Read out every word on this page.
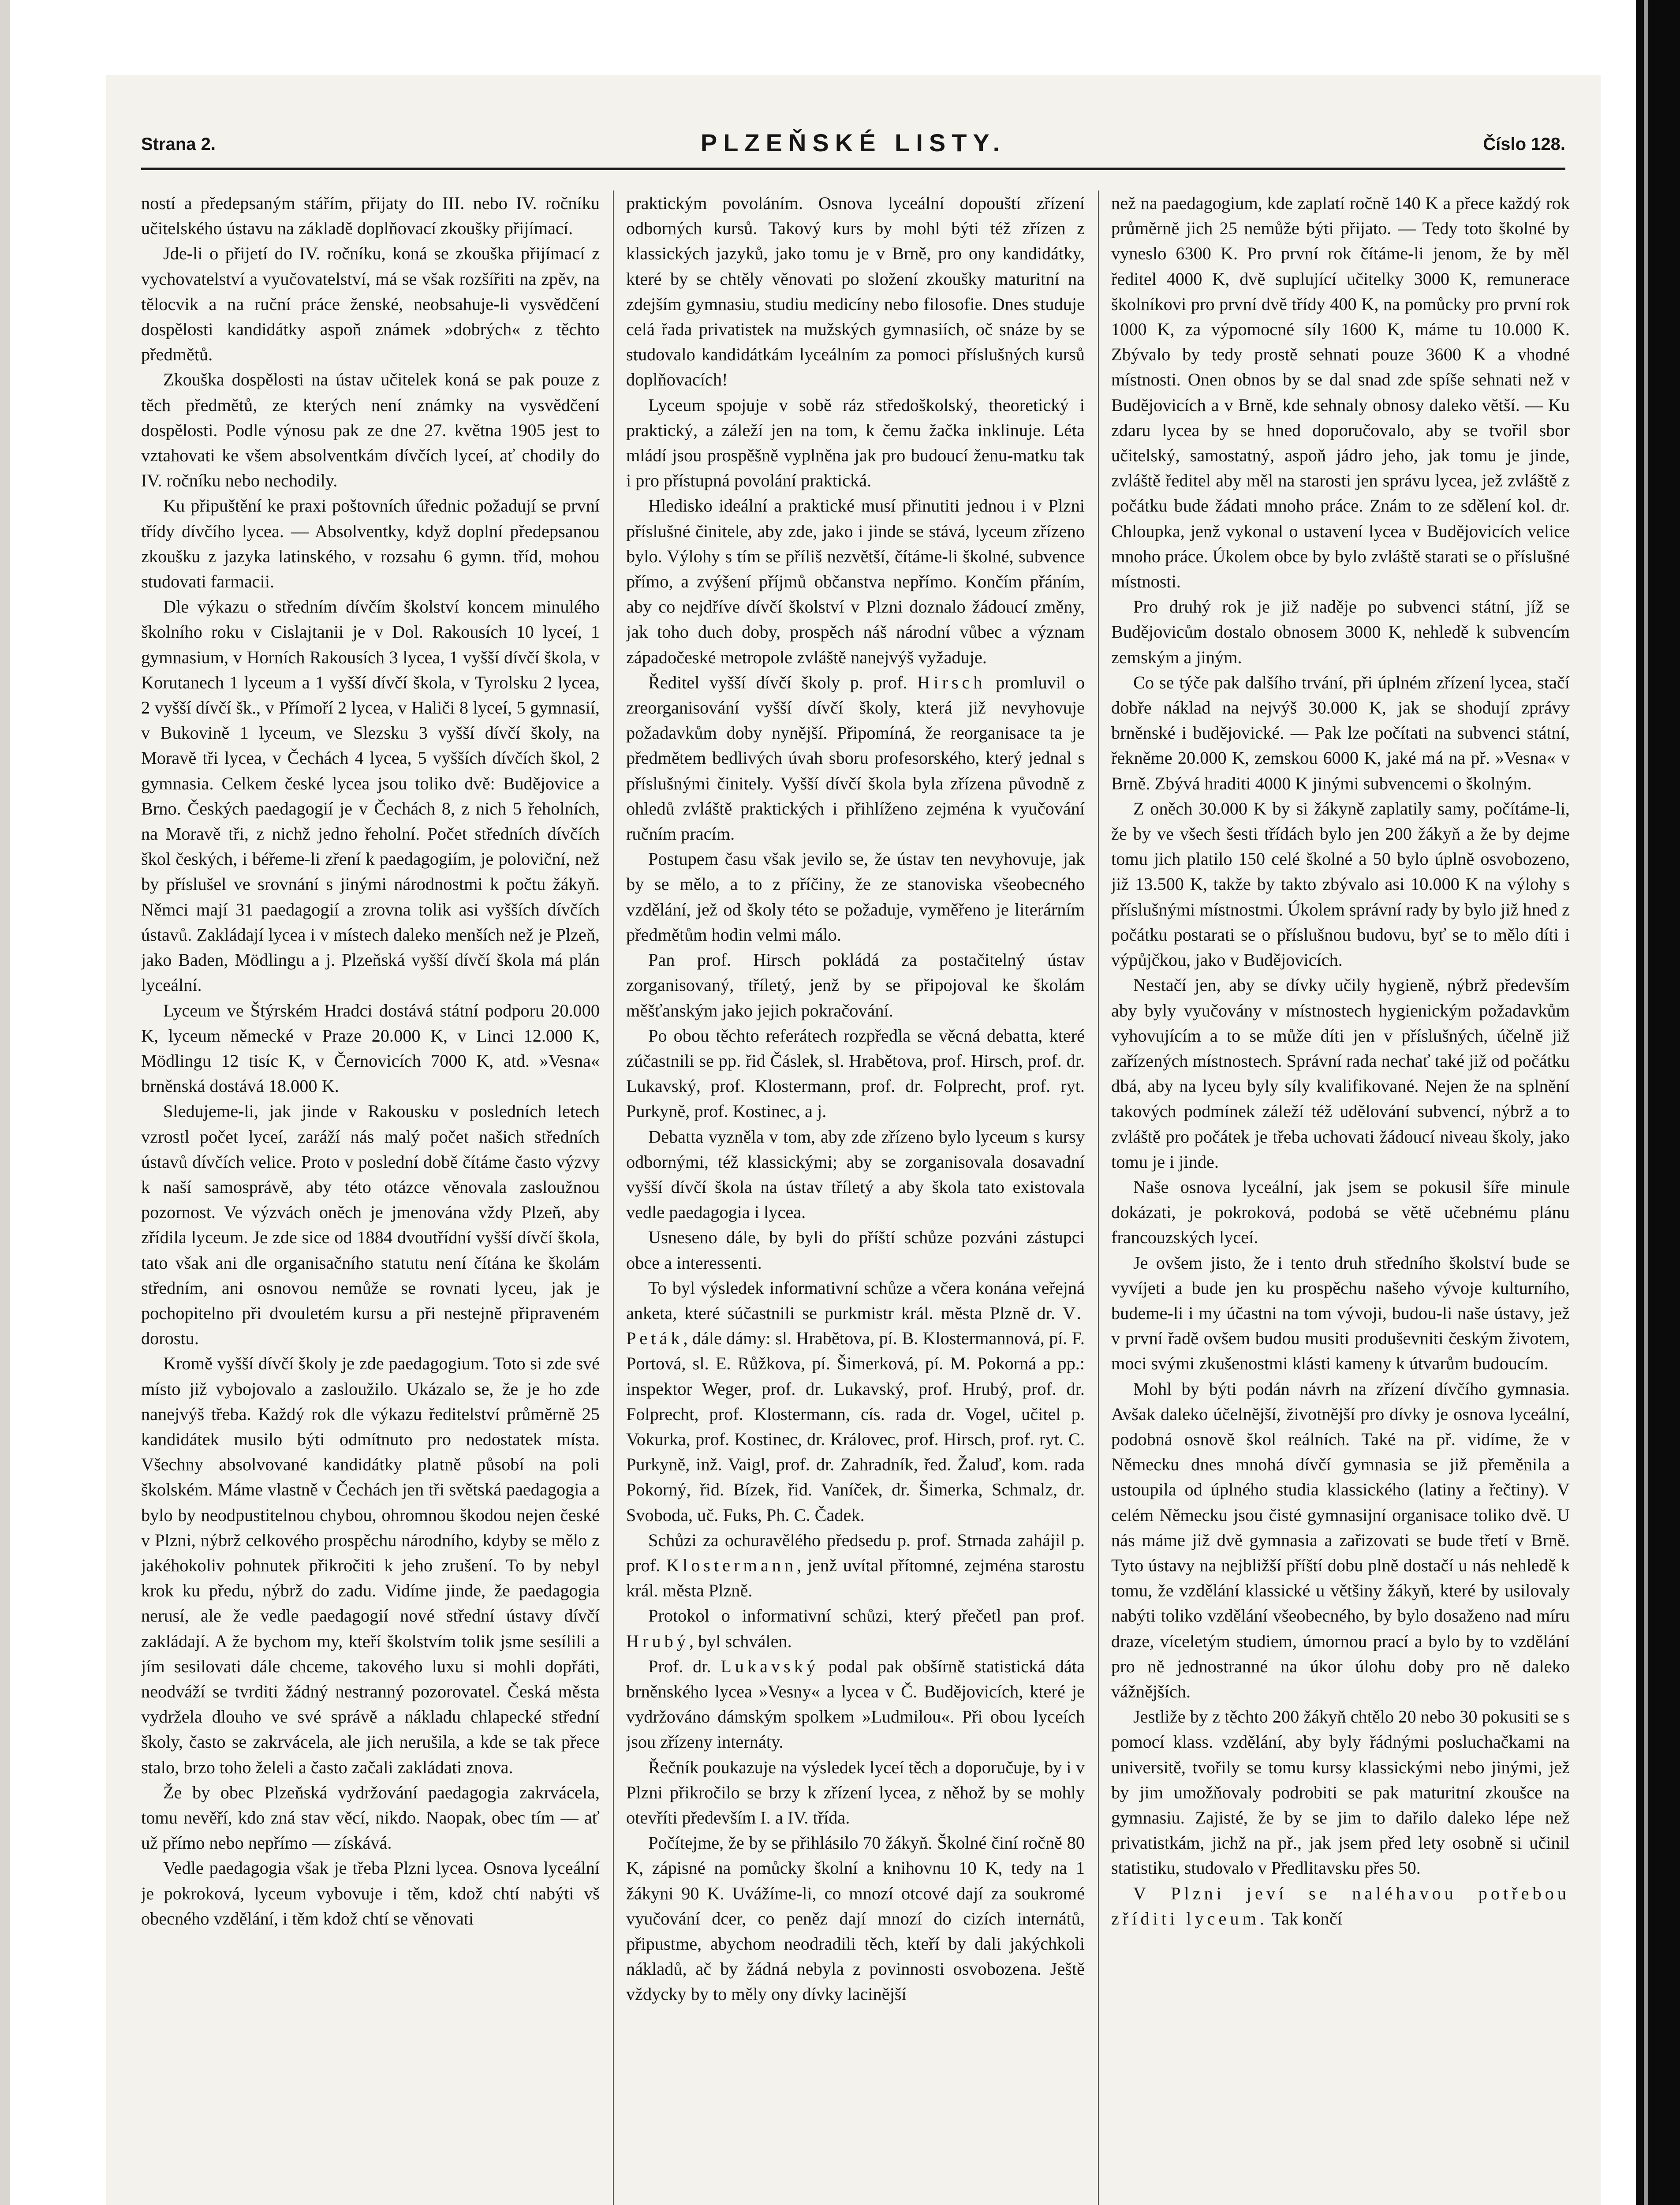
Strana 2.	PLZEŇSKÉ LISTY.	Číslo 128.

ností a předepsaným stářím, přijaty do III. nebo IV. ročníku učitelského ústavu na základě doplňovací zkoušky přijímací.

Jde-li o přijetí do IV. ročníku, koná se zkouška přijímací z vychovatelství a vyučovatelství, má se však rozšířiti na zpěv, na tělocvik a na ruční práce ženské, neobsahuje-li vysvědčení dospělosti kandidátky aspoň známek »dobrých« z těchto předmětů.

Zkouška dospělosti na ústav učitelek koná se pak pouze z těch předmětů, ze kterých není známky na vysvědčení dospělosti. Podle výnosu pak ze dne 27. května 1905 jest to vztahovati ke všem absolventkám dívčích lyceí, ať chodily do IV. ročníku nebo nechodily.

Ku připuštění ke praxi poštovních úřednic požadují se první třídy dívčího lycea. — Absolventky, když doplní předepsanou zkoušku z jazyka latinského, v rozsahu 6 gymn. tříd, mohou studovati farmacii.

Dle výkazu o středním dívčím školství koncem minulého školního roku v Cislajtanii je v Dol. Rakousích 10 lyceí, 1 gymnasium, v Horních Rakousích 3 lycea, 1 vyšší dívčí škola, v Korutanech 1 lyceum a 1 vyšší dívčí škola, v Tyrolsku 2 lycea, 2 vyšší dívčí šk., v Přímoří 2 lycea, v Haliči 8 lyceí, 5 gymnasií, v Bukovině 1 lyceum, ve Slezsku 3 vyšší dívčí školy, na Moravě tři lycea, v Čechách 4 lycea, 5 vyšších dívčích škol, 2 gymnasia. Celkem české lycea jsou toliko dvě: Budějovice a Brno. Českých paedagogií je v Čechách 8, z nich 5 řeholních, na Moravě tři, z nichž jedno řeholní. Počet středních dívčích škol českých, i béřeme-li zření k paedagogiím, je poloviční, než by příslušel ve srovnání s jinými národnostmi k počtu žákyň. Němci mají 31 paedagogií a zrovna tolik asi vyšších dívčích ústavů. Zakládají lycea i v místech daleko menších než je Plzeň, jako Baden, Mödlingu a j. Plzeňská vyšší dívčí škola má plán lyceální.

Lyceum ve Štýrském Hradci dostává státní podporu 20.000 K, lyceum německé v Praze 20.000 K, v Linci 12.000 K, Mödlingu 12 tisíc K, v Černovicích 7000 K, atd. »Vesna« brněnská dostává 18.000 K.

Sledujeme-li, jak jinde v Rakousku v posledních letech vzrostl počet lyceí, zaráží nás malý počet našich středních ústavů dívčích velice. Proto v poslední době čítáme často výzvy k naší samosprávě, aby této otázce věnovala zasloužnou pozornost. Ve výzvách oněch je jmenována vždy Plzeň, aby zřídila lyceum. Je zde sice od 1884 dvoutřídní vyšší dívčí škola, tato však ani dle organisačního statutu není čítána ke školám středním, ani osnovou nemůže se rovnati lyceu, jak je pochopitelno při dvouletém kursu a při nestejně připraveném dorostu.

Kromě vyšší dívčí školy je zde paedagogium. Toto si zde své místo již vybojovalo a zasloužilo. Ukázalo se, že je ho zde nanejvýš třeba. Každý rok dle výkazu ředitelství průměrně 25 kandidátek musilo býti odmítnuto pro nedostatek místa. Všechny absolvované kandidátky platně působí na poli školském. Máme vlastně v Čechách jen tři světská paedagogia a bylo by neodpustitelnou chybou, ohromnou škodou nejen české v Plzni, nýbrž celkového prospěchu národního, kdyby se mělo z jakéhokoliv pohnutek přikročiti k jeho zrušení. To by nebyl krok ku předu, nýbrž do zadu. Vidíme jinde, že paedagogia nerusí, ale že vedle paedagogií nové střední ústavy dívčí zakládají. A že bychom my, kteří školstvím tolik jsme sesílili a jím sesilovati dále chceme, takového luxu si mohli dopřáti, neodváží se tvrditi žádný nestranný pozorovatel. Česká města vydržela dlouho ve své správě a nákladu chlapecké střední školy, často se zakrvácela, ale jich nerušila, a kde se tak přece stalo, brzo toho želeli a často začali zakládati znova.

Že by obec Plzeňská vydržování paedagogia zakrvácela, tomu nevěří, kdo zná stav věcí, nikdo. Naopak, obec tím — ať už přímo nebo nepřímo — získává.

Vedle paedagogia však je třeba Plzni lycea. Osnova lyceální je pokroková, lyceum vybovuje i těm, kdož chtí nabýti vš obecného vzdělání, i těm kdož chtí se věnovati

praktickým povoláním. Osnova lyceální dopouští zřízení odborných kursů. Takový kurs by mohl býti též zřízen z klassických jazyků, jako tomu je v Brně, pro ony kandidátky, které by se chtěly věnovati po složení zkoušky maturitní na zdejším gymnasiu, studiu medicíny nebo filosofie. Dnes studuje celá řada privatistek na mužských gymnasiích, oč snáze by se studovalo kandidátkám lyceálním za pomoci příslušných kursů doplňovacích!

Lyceum spojuje v sobě ráz středoškolský, theoretický i praktický, a záleží jen na tom, k čemu žačka inklinuje. Léta mládí jsou prospěšně vyplněna jak pro budoucí ženu-matku tak i pro přístupná povolání praktická.

Hledisko ideální a praktické musí přinutiti jednou i v Plzni příslušné činitele, aby zde, jako i jinde se stává, lyceum zřízeno bylo. Výlohy s tím se příliš nezvětší, čítáme-li školné, subvence přímo, a zvýšení příjmů občanstva nepřímo. Končím přáním, aby co nejdříve dívčí školství v Plzni doznalo žádoucí změny, jak toho duch doby, prospěch náš národní vůbec a význam západočeské metropole zvláště nanejvýš vyžaduje.

Ředitel vyšší dívčí školy p. prof. Hirsch promluvil o zreorganisování vyšší dívčí školy, která již nevyhovuje požadavkům doby nynější. Připomíná, že reorganisace ta je předmětem bedlivých úvah sboru profesorského, který jednal s příslušnými činitely. Vyšší dívčí škola byla zřízena původně z ohledů zvláště praktických i přihlíženo zejména k vyučování ručním pracím.

Postupem času však jevilo se, že ústav ten nevyhovuje, jak by se mělo, a to z příčiny, že ze stanoviska všeobecného vzdělání, jež od školy této se požaduje, vyměřeno je literárním předmětům hodin velmi málo.

Pan prof. Hirsch pokládá za postačitelný ústav zorganisovaný, tříletý, jenž by se připojoval ke školám měšťanským jako jejich pokračování.

Po obou těchto referátech rozpředla se věcná debatta, které zúčastnili se pp. řid Čáslek, sl. Hrabětova, prof. Hirsch, prof. dr. Lukavský, prof. Klostermann, prof. dr. Folprecht, prof. ryt. Purkyně, prof. Kostinec, a j.

Debatta vyzněla v tom, aby zde zřízeno bylo lyceum s kursy odbornými, též klassickými; aby se zorganisovala dosavadní vyšší dívčí škola na ústav tříletý a aby škola tato existovala vedle paedagogia i lycea.

Usneseno dále, by byli do příští schůze pozváni zástupci obce a interessenti.

To byl výsledek informativní schůze a včera konána veřejná anketa, které súčastnili se purkmistr král. města Plzně dr. V. Peták, dále dámy: sl. Hrabětova, pí. B. Klostermannová, pí. F. Portová, sl. E. Růžkova, pí. Šimerková, pí. M. Pokorná a pp.: inspektor Weger, prof. dr. Lukavský, prof. Hrubý, prof. dr. Folprecht, prof. Klostermann, cís. rada dr. Vogel, učitel p. Vokurka, prof. Kostinec, dr. Královec, prof. Hirsch, prof. ryt. C. Purkyně, inž. Vaigl, prof. dr. Zahradník, řed. Žaluď, kom. rada Pokorný, řid. Bízek, řid. Vaníček, dr. Šimerka, Schmalz, dr. Svoboda, uč. Fuks, Ph. C. Čadek.

Schůzi za ochuravělého předsedu p. prof. Strnada zahájil p. prof. Klostermann, jenž uvítal přítomné, zejména starostu král. města Plzně.

Protokol o informativní schůzi, který přečetl pan prof. Hrubý, byl schválen.

Prof. dr. Lukavský podal pak obšírně statistická dáta brněnského lycea »Vesny« a lycea v Č. Budějovicích, které je vydržováno dámským spolkem »Ludmilou«. Při obou lyceích jsou zřízeny internáty.

Řečník poukazuje na výsledek lyceí těch a doporučuje, by i v Plzni přikročilo se brzy k zřízení lycea, z něhož by se mohly otevříti především I. a IV. třída.

Počítejme, že by se přihlásilo 70 žákyň. Školné činí ročně 80 K, zápisné na pomůcky školní a knihovnu 10 K, tedy na 1 žákyni 90 K. Uvážíme-li, co mnozí otcové dají za soukromé vyučování dcer, co peněz dají mnozí do cizích internátů, připustme, abychom neodradili těch, kteří by dali jakýchkoli nákladů, ač by žádná nebyla z povinnosti osvobozena. Ještě vždycky by to měly ony dívky lacinější

než na paedagogium, kde zaplatí ročně 140 K a přece každý rok průměrně jich 25 nemůže býti přijato. — Tedy toto školné by vyneslo 6300 K. Pro první rok čítáme-li jenom, že by měl ředitel 4000 K, dvě suplující učitelky 3000 K, remunerace školníkovi pro první dvě třídy 400 K, na pomůcky pro první rok 1000 K, za výpomocné síly 1600 K, máme tu 10.000 K. Zbývalo by tedy prostě sehnati pouze 3600 K a vhodné místnosti. Onen obnos by se dal snad zde spíše sehnati než v Budějovicích a v Brně, kde sehnaly obnosy daleko větší. — Ku zdaru lycea by se hned doporučovalo, aby se tvořil sbor učitelský, samostatný, aspoň jádro jeho, jak tomu je jinde, zvláště ředitel aby měl na starosti jen správu lycea, jež zvláště z počátku bude žádati mnoho práce. Znám to ze sdělení kol. dr. Chloupka, jenž vykonal o ustavení lycea v Budějovicích velice mnoho práce. Úkolem obce by bylo zvláště starati se o příslušné místnosti.

Pro druhý rok je již naděje po subvenci státní, jíž se Budějovicům dostalo obnosem 3000 K, nehledě k subvencím zemským a jiným.

Co se týče pak dalšího trvání, při úplném zřízení lycea, stačí dobře náklad na nejvýš 30.000 K, jak se shodují zprávy brněnské i budějovické. — Pak lze počítati na subvenci státní, řekněme 20.000 K, zemskou 6000 K, jaké má na př. »Vesna« v Brně. Zbývá hraditi 4000 K jinými subvencemi o školným.

Z oněch 30.000 K by si žákyně zaplatily samy, počítáme-li, že by ve všech šesti třídách bylo jen 200 žákyň a že by dejme tomu jich platilo 150 celé školné a 50 bylo úplně osvobozeno, již 13.500 K, takže by takto zbývalo asi 10.000 K na výlohy s příslušnými místnostmi. Úkolem správní rady by bylo již hned z počátku postarati se o příslušnou budovu, byť se to mělo díti i výpůjčkou, jako v Budějovicích.

Nestačí jen, aby se dívky učily hygieně, nýbrž především aby byly vyučovány v místnostech hygienickým požadavkům vyhovujícím a to se může díti jen v příslušných, účelně již zařízených místnostech. Správní rada nechať také již od počátku dbá, aby na lyceu byly síly kvalifikované. Nejen že na splnění takových podmínek záleží též udělování subvencí, nýbrž a to zvláště pro počátek je třeba uchovati žádoucí niveau školy, jako tomu je i jinde.

Naše osnova lyceální, jak jsem se pokusil šíře minule dokázati, je pokroková, podobá se větě učebnému plánu francouzských lyceí.

Je ovšem jisto, že i tento druh středního školství bude se vyvíjeti a bude jen ku prospěchu našeho vývoje kulturního, budeme-li i my účastni na tom vývoji, budou-li naše ústavy, jež v první řadě ovšem budou musiti produševniti českým životem, moci svými zkušenostmi klásti kameny k útvarům budoucím.

Mohl by býti podán návrh na zřízení dívčího gymnasia. Avšak daleko účelnější, životnější pro dívky je osnova lyceální, podobná osnově škol reálních. Také na př. vidíme, že v Německu dnes mnohá dívčí gymnasia se již přeměnila a ustoupila od úplného studia klassického (latiny a řečtiny). V celém Německu jsou čisté gymnasijní organisace toliko dvě. U nás máme již dvě gymnasia a zařizovati se bude třetí v Brně. Tyto ústavy na nejbližší příští dobu plně dostačí u nás nehledě k tomu, že vzdělání klassické u většiny žákyň, které by usilovaly nabýti toliko vzdělání všeobecného, by bylo dosaženo nad míru draze, víceletým studiem, úmornou prací a bylo by to vzdělání pro ně jednostranné na úkor úlohu doby pro ně daleko vážnějších.

Jestliže by z těchto 200 žákyň chtělo 20 nebo 30 pokusiti se s pomocí klass. vzdělání, aby byly řádnými posluchačkami na universitě, tvořily se tomu kursy klassickými nebo jinými, jež by jim umožňovaly podrobiti se pak maturitní zkoušce na gymnasiu. Zajisté, že by se jim to dařilo daleko lépe než privatistkám, jichž na př., jak jsem před lety osobně si učinil statistiku, studovalo v Předlitavsku přes 50.

V Plzni jeví se naléhavou potřebou zříditi lyceum. Tak končí
